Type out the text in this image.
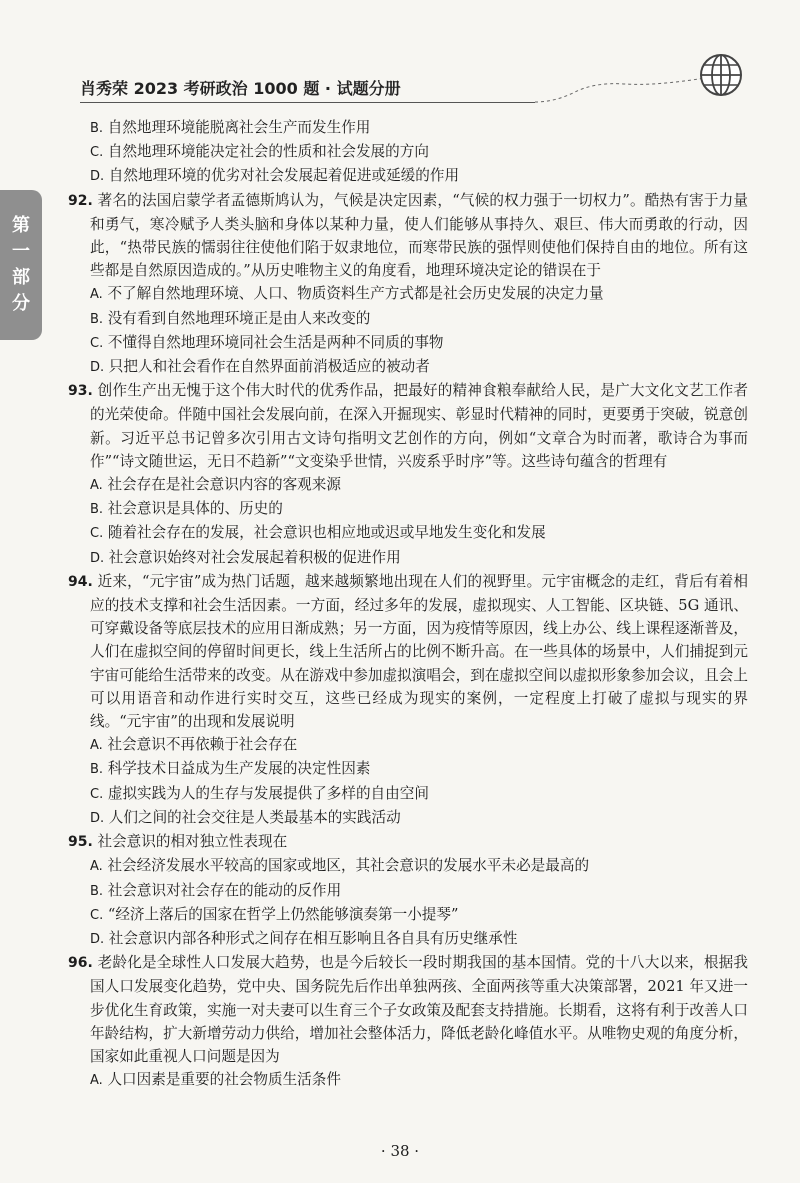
肖秀荣 2023 考研政治 1000 题 · 试题分册
第
一
部
分
B. 自然地理环境能脱离社会生产而发生作用
C. 自然地理环境能决定社会的性质和社会发展的方向
D. 自然地理环境的优劣对社会发展起着促进或延缓的作用
92. 著名的法国启蒙学者孟德斯鸠认为，气候是决定因素，“气候的权力强于一切权力”。酷热有害于力量和勇气，寒冷赋予人类头脑和身体以某种力量，使人们能够从事持久、艰巨、伟大而勇敢的行动，因此，“热带民族的懦弱往往使他们陷于奴隶地位，而寒带民族的强悍则使他们保持自由的地位。所有这些都是自然原因造成的。”从历史唯物主义的角度看，地理环境决定论的错误在于
A. 不了解自然地理环境、人口、物质资料生产方式都是社会历史发展的决定力量
B. 没有看到自然地理环境正是由人来改变的
C. 不懂得自然地理环境同社会生活是两种不同质的事物
D. 只把人和社会看作在自然界面前消极适应的被动者
93. 创作生产出无愧于这个伟大时代的优秀作品，把最好的精神食粮奉献给人民，是广大文化文艺工作者的光荣使命。伴随中国社会发展向前，在深入开掘现实、彰显时代精神的同时，更要勇于突破，锐意创新。习近平总书记曾多次引用古文诗句指明文艺创作的方向，例如“文章合为时而著，歌诗合为事而作”“诗文随世运，无日不趋新”“文变染乎世情，兴废系乎时序”等。这些诗句蕴含的哲理有
A. 社会存在是社会意识内容的客观来源
B. 社会意识是具体的、历史的
C. 随着社会存在的发展，社会意识也相应地或迟或早地发生变化和发展
D. 社会意识始终对社会发展起着积极的促进作用
94. 近来，“元宇宙”成为热门话题，越来越频繁地出现在人们的视野里。元宇宙概念的走红，背后有着相应的技术支撑和社会生活因素。一方面，经过多年的发展，虚拟现实、人工智能、区块链、5G 通讯、可穿戴设备等底层技术的应用日渐成熟；另一方面，因为疫情等原因，线上办公、线上课程逐渐普及，人们在虚拟空间的停留时间更长，线上生活所占的比例不断升高。在一些具体的场景中，人们捕捉到元宇宙可能给生活带来的改变。从在游戏中参加虚拟演唱会，到在虚拟空间以虚拟形象参加会议，且会上可以用语音和动作进行实时交互，这些已经成为现实的案例，一定程度上打破了虚拟与现实的界线。“元宇宙”的出现和发展说明
A. 社会意识不再依赖于社会存在
B. 科学技术日益成为生产发展的决定性因素
C. 虚拟实践为人的生存与发展提供了多样的自由空间
D. 人们之间的社会交往是人类最基本的实践活动
95. 社会意识的相对独立性表现在
A. 社会经济发展水平较高的国家或地区，其社会意识的发展水平未必是最高的
B. 社会意识对社会存在的能动的反作用
C. “经济上落后的国家在哲学上仍然能够演奏第一小提琴”
D. 社会意识内部各种形式之间存在相互影响且各自具有历史继承性
96. 老龄化是全球性人口发展大趋势，也是今后较长一段时期我国的基本国情。党的十八大以来，根据我国人口发展变化趋势，党中央、国务院先后作出单独两孩、全面两孩等重大决策部署，2021 年又进一步优化生育政策，实施一对夫妻可以生育三个子女政策及配套支持措施。长期看，这将有利于改善人口年龄结构，扩大新增劳动力供给，增加社会整体活力，降低老龄化峰值水平。从唯物史观的角度分析，国家如此重视人口问题是因为
A. 人口因素是重要的社会物质生活条件
· 38 ·
